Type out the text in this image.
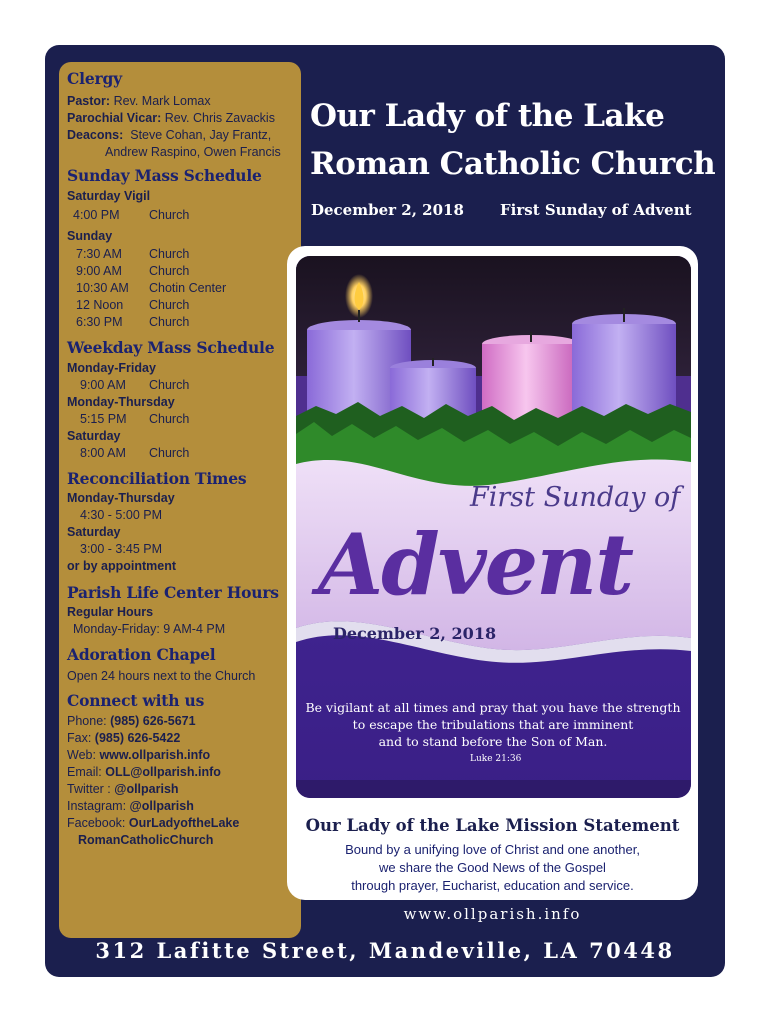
Clergy
Pastor: Rev. Mark Lomax
Parochial Vicar: Rev. Chris Zavackis
Deacons: Steve Cohan, Jay Frantz,
Andrew Raspino, Owen Francis
Sunday Mass Schedule
Saturday Vigil
4:00 PM Church
Sunday
7:30 AM Church
9:00 AM Church
10:30 AM Chotin Center
12 Noon Church
6:30 PM Church
Weekday Mass Schedule
Monday-Friday
9:00 AM Church
Monday-Thursday
5:15 PM Church
Saturday
8:00 AM Church
Reconciliation Times
Monday-Thursday
4:30 - 5:00 PM
Saturday
3:00 - 3:45 PM
or by appointment
Parish Life Center Hours
Regular Hours
Monday-Friday: 9 AM-4 PM
Adoration Chapel
Open 24 hours next to the Church
Connect with us
Phone: (985) 626-5671
Fax: (985) 626-5422
Web: www.ollparish.info
Email: OLL@ollparish.info
Twitter : @ollparish
Instagram: @ollparish
Facebook: OurLadyoftheLake
RomanCatholicChurch
Our Lady of the Lake
Roman Catholic Church
December 2, 2018 First Sunday of Advent
First Sunday of
Advent
December 2, 2018
Be vigilant at all times and pray that you have the strength
to escape the tribulations that are imminent
and to stand before the Son of Man.
Luke 21:36
Our Lady of the Lake Mission Statement
Bound by a unifying love of Christ and one another,
we share the Good News of the Gospel
through prayer, Eucharist, education and service.
www.ollparish.info
312 Lafitte Street, Mandeville, LA 70448
